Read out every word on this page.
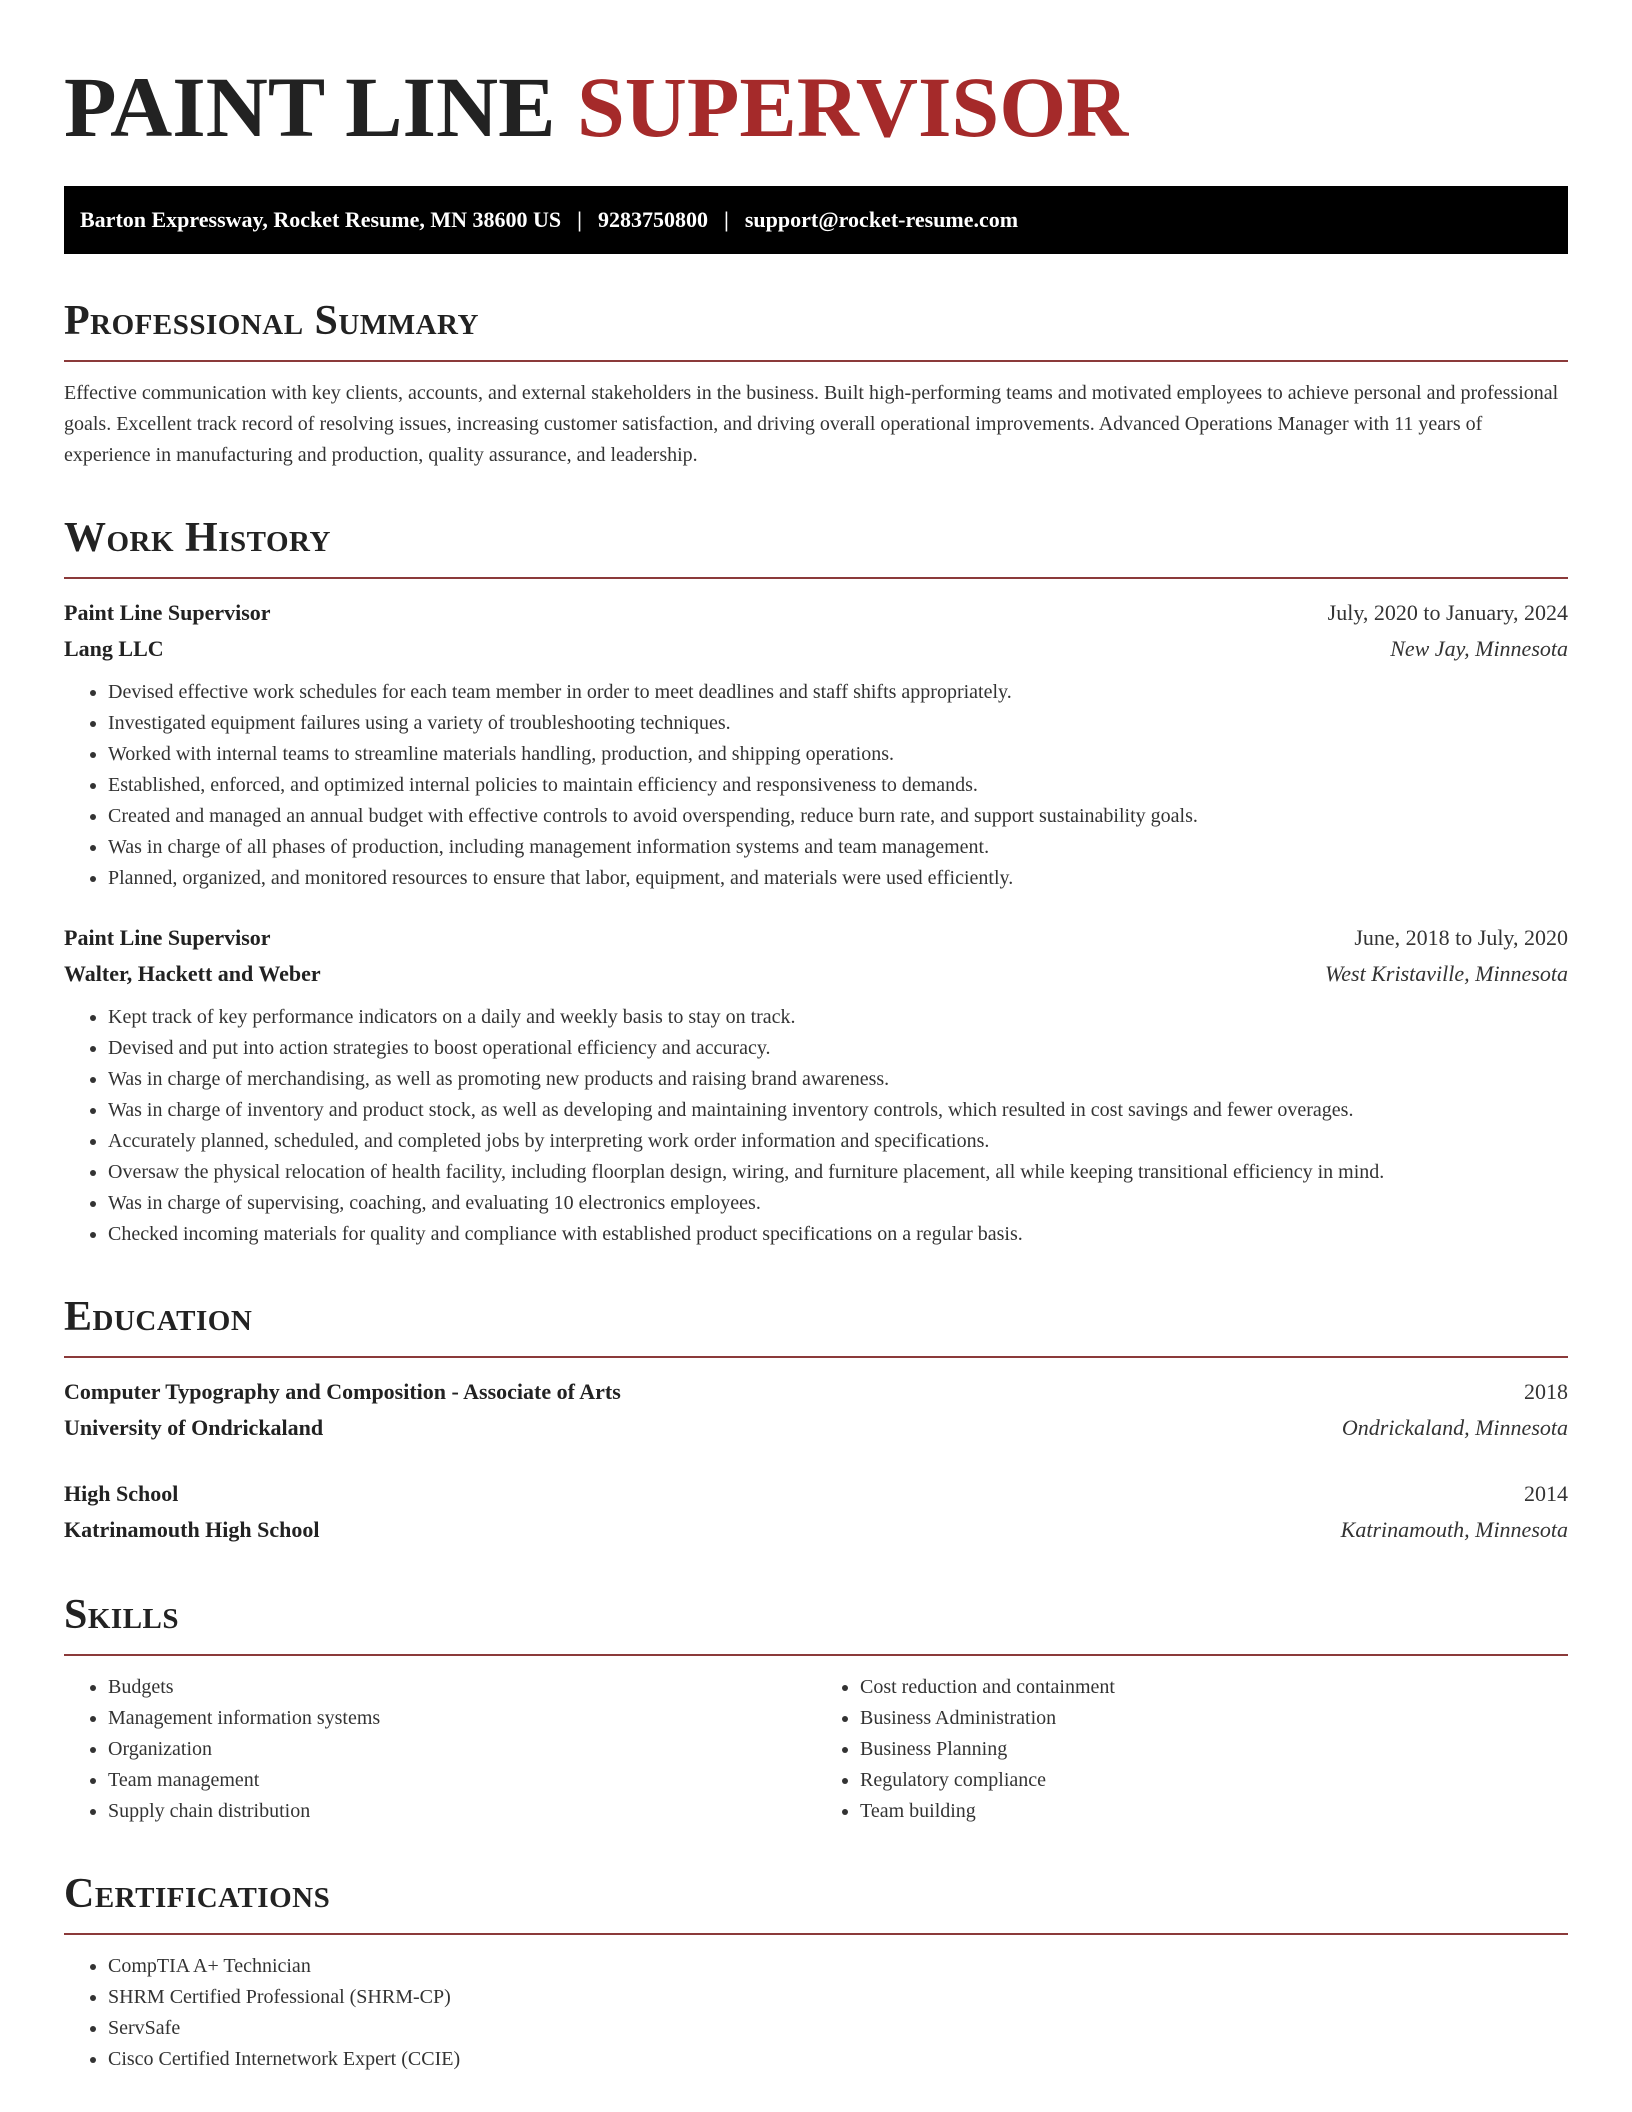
PAINT LINE SUPERVISOR
Barton Expressway, Rocket Resume, MN 38600 US | 9283750800 | support@rocket-resume.com
Professional Summary

Effective communication with key clients, accounts, and external stakeholders in the business. Built high-performing teams and motivated employees to achieve personal and professional goals. Excellent track record of resolving issues, increasing customer satisfaction, and driving overall operational improvements. Advanced Operations Manager with 11 years of experience in manufacturing and production, quality assurance, and leadership.

Work History
Paint Line Supervisor	July, 2020 to January, 2024
Lang LLC	New Jay, Minnesota
• Devised effective work schedules for each team member in order to meet deadlines and staff shifts appropriately.
• Investigated equipment failures using a variety of troubleshooting techniques.
• Worked with internal teams to streamline materials handling, production, and shipping operations.
• Established, enforced, and optimized internal policies to maintain efficiency and responsiveness to demands.
• Created and managed an annual budget with effective controls to avoid overspending, reduce burn rate, and support sustainability goals.
• Was in charge of all phases of production, including management information systems and team management.
• Planned, organized, and monitored resources to ensure that labor, equipment, and materials were used efficiently.
Paint Line Supervisor	June, 2018 to July, 2020
Walter, Hackett and Weber	West Kristaville, Minnesota
• Kept track of key performance indicators on a daily and weekly basis to stay on track.
• Devised and put into action strategies to boost operational efficiency and accuracy.
• Was in charge of merchandising, as well as promoting new products and raising brand awareness.
• Was in charge of inventory and product stock, as well as developing and maintaining inventory controls, which resulted in cost savings and fewer overages.
• Accurately planned, scheduled, and completed jobs by interpreting work order information and specifications.
• Oversaw the physical relocation of health facility, including floorplan design, wiring, and furniture placement, all while keeping transitional efficiency in mind.
• Was in charge of supervising, coaching, and evaluating 10 electronics employees.
• Checked incoming materials for quality and compliance with established product specifications on a regular basis.
Education
Computer Typography and Composition - Associate of Arts	2018
University of Ondrickaland	Ondrickaland, Minnesota
High School	2014
Katrinamouth High School	Katrinamouth, Minnesota
Skills
• Budgets
• Management information systems
• Organization
• Team management
• Supply chain distribution
• Cost reduction and containment
• Business Administration
• Business Planning
• Regulatory compliance
• Team building
Certifications
• CompTIA A+ Technician
• SHRM Certified Professional (SHRM-CP)
• ServSafe
• Cisco Certified Internetwork Expert (CCIE)
